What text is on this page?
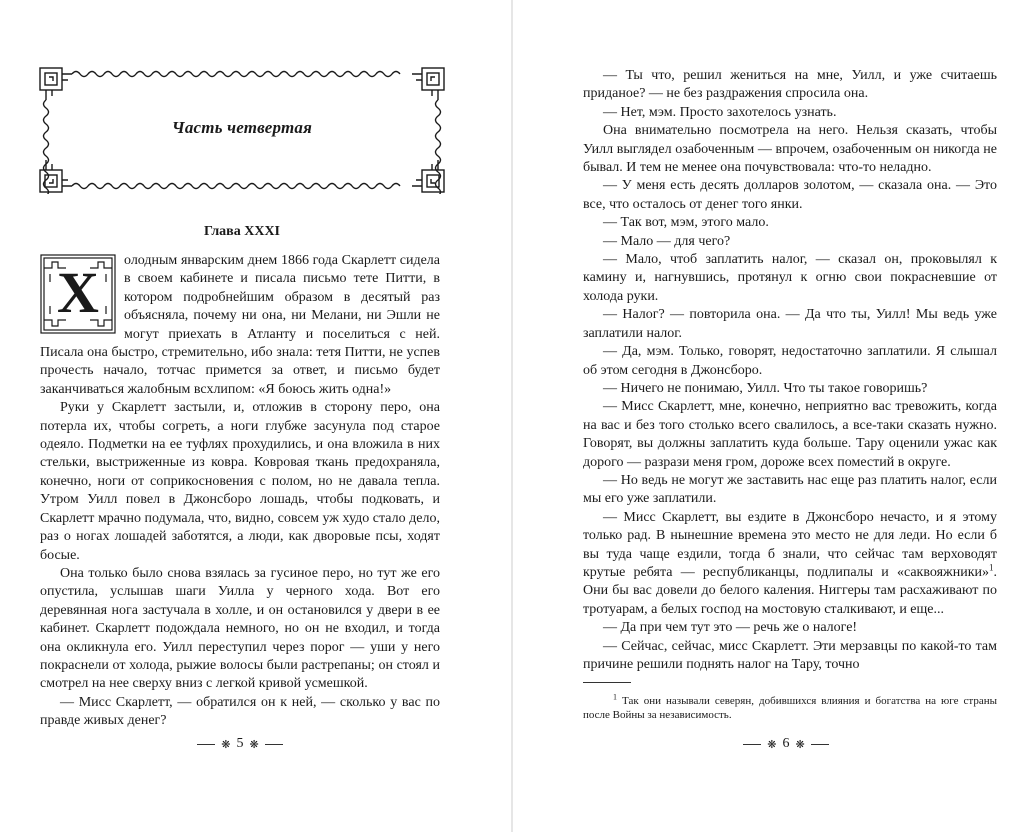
Часть четвертая
Глава XXXI
Х	олодным январским днем 1866 года Скарлетт сидела в своем кабинете и писала письмо тете Питти, в котором подробнейшим образом в десятый раз объясняла, почему ни она, ни Мелани, ни Эшли не могут приехать в Атланту и поселиться с ней. Писала она быстро, стремительно, ибо знала: тетя Питти, не успев прочесть начало, тотчас примется за ответ, и письмо будет заканчиваться жалобным всхлипом: «Я боюсь жить одна!»

Руки у Скарлетт застыли, и, отложив в сторону перо, она потерла их, чтобы согреть, а ноги глубже засунула под старое одеяло. Подметки на ее туфлях прохудились, и она вложила в них стельки, выстриженные из ковра. Ковровая ткань предохраняла, конечно, ноги от соприкосновения с полом, но не давала тепла. Утром Уилл повел в Джонсборо лошадь, чтобы подковать, и Скарлетт мрачно подумала, что, видно, совсем уж худо стало дело, раз о ногах лошадей заботятся, а люди, как дворовые псы, ходят босые.

Она только было снова взялась за гусиное перо, но тут же его опустила, услышав шаги Уилла у черного хода. Вот его деревянная нога застучала в холле, и он остановился у двери в ее кабинет. Скарлетт подождала немного, но он не входил, и тогда она окликнула его. Уилл переступил через порог — уши у него покраснели от холода, рыжие волосы были растрепаны; он стоял и смотрел на нее сверху вниз с легкой кривой усмешкой.

— Мисс Скарлетт, — обратился он к ней, — сколько у вас по правде живых денег?

❋ 5 ❋

— Ты что, решил жениться на мне, Уилл, и уже считаешь приданое? — не без раздражения спросила она.

— Нет, мэм. Просто захотелось узнать.

Она внимательно посмотрела на него. Нельзя сказать, чтобы Уилл выглядел озабоченным — впрочем, озабоченным он никогда не бывал. И тем не менее она почувствовала: что-то неладно.

— У меня есть десять долларов золотом, — сказала она. — Это все, что осталось от денег того янки.

— Так вот, мэм, этого мало.

— Мало — для чего?

— Мало, чтоб заплатить налог, — сказал он, проковылял к камину и, нагнувшись, протянул к огню свои покрасневшие от холода руки.

— Налог? — повторила она. — Да что ты, Уилл! Мы ведь уже заплатили налог.

— Да, мэм. Только, говорят, недостаточно заплатили. Я слышал об этом сегодня в Джонсборо.

— Ничего не понимаю, Уилл. Что ты такое говоришь?

— Мисс Скарлетт, мне, конечно, неприятно вас тревожить, когда на вас и без того столько всего свалилось, а все-таки сказать нужно. Говорят, вы должны заплатить куда больше. Тару оценили ужас как дорого — разрази меня гром, дороже всех поместий в округе.

— Но ведь не могут же заставить нас еще раз платить налог, если мы его уже заплатили.

— Мисс Скарлетт, вы ездите в Джонсборо нечасто, и я этому только рад. В нынешние времена это место не для леди. Но если б вы туда чаще ездили, тогда б знали, что сейчас там верховодят крутые ребята — республиканцы, подлипалы и «саквояжники»$^1$. Они бы вас довели до белого каления. Ниггеры там расхаживают по тротуарам, а белых господ на мостовую сталкивают, и еще...

— Да при чем тут это — речь же о налоге!

— Сейчас, сейчас, мисс Скарлетт. Эти мерзавцы по какой-то там причине решили поднять налог на Тару, точно

$^1$ Так они называли северян, добившихся влияния и богатства на юге страны после Войны за независимость.
❋ 6 ❋
